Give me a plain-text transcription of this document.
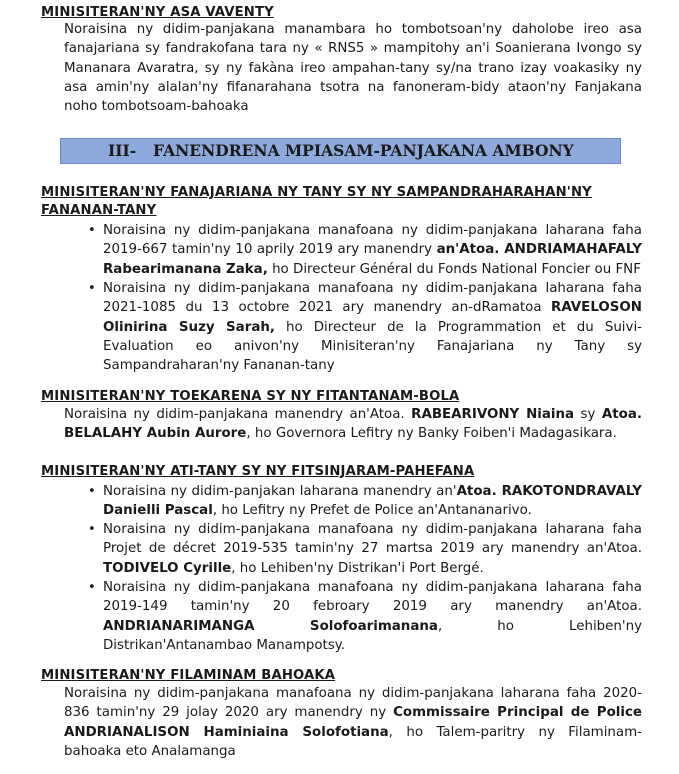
MINISITERAN'NY ASA VAVENTY
Noraisina ny didim-panjakana manambara ho tombotsoan'ny daholobe ireo asa fanajariana sy fandrakofana tara ny « RNS5 » mampitohy an'i Soanierana Ivongo sy Mananara Avaratra, sy ny fakàna ireo ampahan-tany sy/na trano izay voakasiky ny asa amin'ny alalan'ny fifanarahana tsotra na fanoneram-bidy ataon'ny Fanjakana noho tombotsoam-bahoaka
III- FANENDRENA MPIASAM-PANJAKANA AMBONY
MINISITERAN'NY FANAJARIANA NY TANY SY NY SAMPANDRAHARAHAN'NY
FANANAN-TANY
• Noraisina ny didim-panjakana manafoana ny didim-panjakana laharana faha 2019-667 tamin'ny 10 aprily 2019 ary manendry an'Atoa. ANDRIAMAHAFALY Rabearimanana Zaka, ho Directeur Général du Fonds National Foncier ou FNF
• Noraisina ny didim-panjakana manafoana ny didim-panjakana laharana faha 2021-1085 du 13 octobre 2021 ary manendry an-dRamatoa RAVELOSON Olinirina Suzy Sarah, ho Directeur de la Programmation et du Suivi-Evaluation eo anivon'ny Minisiteran'ny Fanajariana ny Tany sy Sampandraharan'ny Fananan-tany
MINISITERAN'NY TOEKARENA SY NY FITANTANAM-BOLA
Noraisina ny didim-panjakana manendry an'Atoa. RABEARIVONY Niaina sy Atoa. BELALAHY Aubin Aurore, ho Governora Lefitry ny Banky Foiben'i Madagasikara.
MINISITERAN'NY ATI-TANY SY NY FITSINJARAM-PAHEFANA
• Noraisina ny didim-panjakan laharana manendry an'Atoa. RAKOTONDRAVALY Danielli Pascal, ho Lefitry ny Prefet de Police an'Antananarivo.
• Noraisina ny didim-panjakana manafoana ny didim-panjakana laharana faha Projet de décret 2019-535 tamin'ny 27 martsa 2019 ary manendry an'Atoa. TODIVELO Cyrille, ho Lehiben'ny Distrikan'i Port Bergé.
• Noraisina ny didim-panjakana manafoana ny didim-panjakana laharana faha 2019-149 tamin'ny 20 febroary 2019 ary manendry an'Atoa. ANDRIANARIMANGA Solofoarimanana, ho Lehiben'ny Distrikan'Antanambao Manampotsy.
MINISITERAN'NY FILAMINAM BAHOAKA
Noraisina ny didim-panjakana manafoana ny didim-panjakana laharana faha 2020-836 tamin'ny 29 jolay 2020 ary manendry ny Commissaire Principal de Police ANDRIANALISON Haminiaina Solofotiana, ho Talem-paritry ny Filaminam-bahoaka eto Analamanga
